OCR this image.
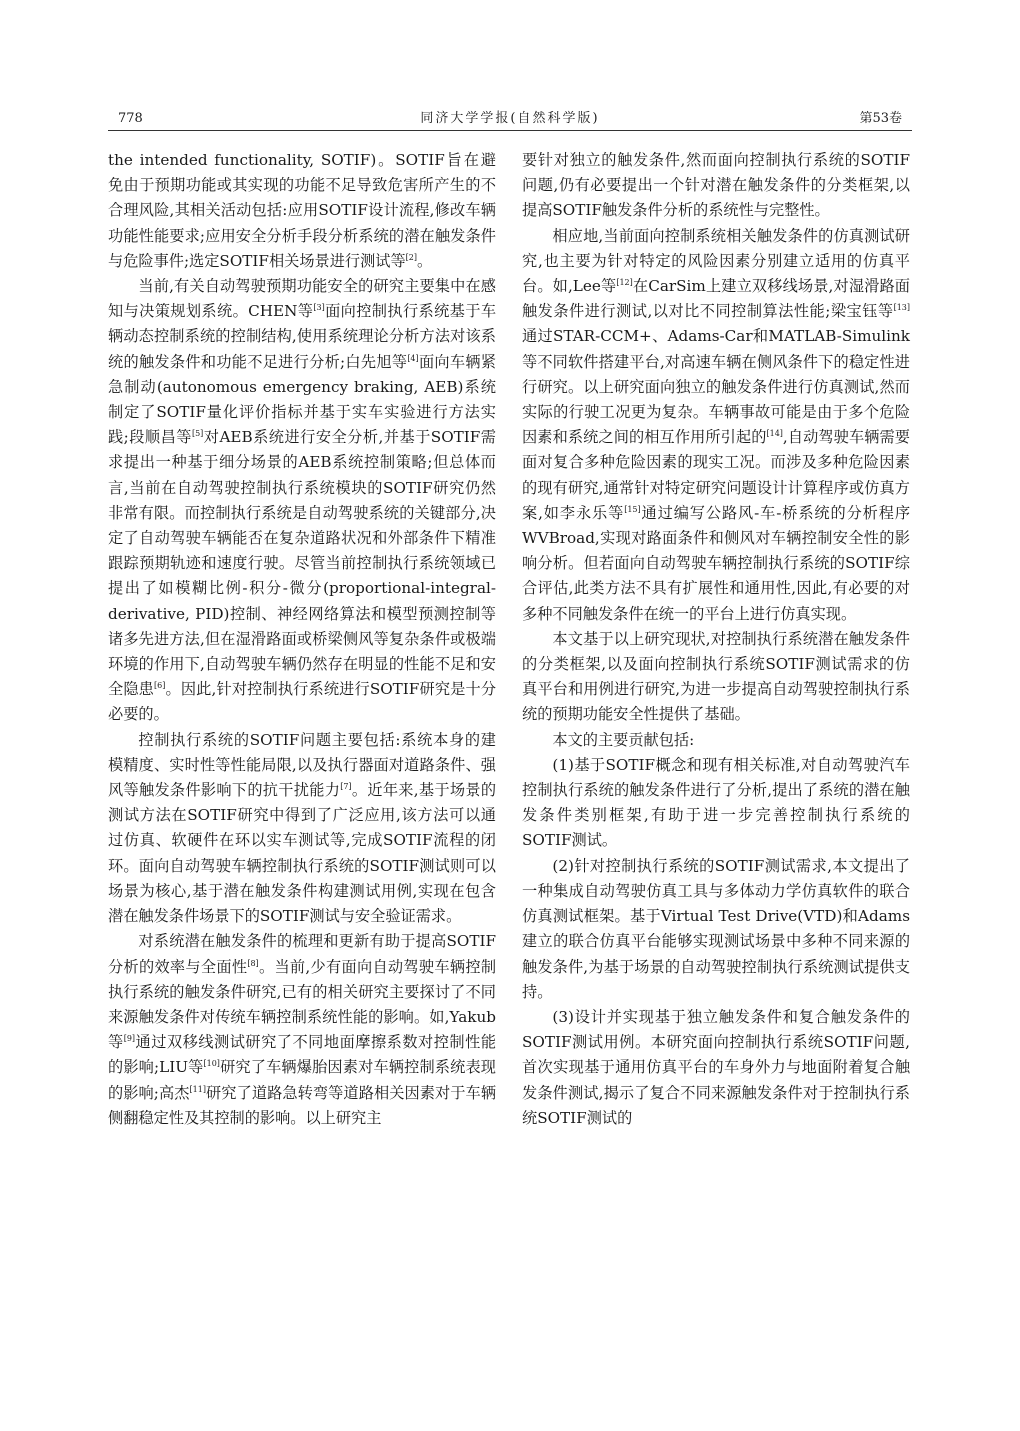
778	同济大学学报(自然科学版)	第53卷

the intended functionality, SOTIF)。SOTIF旨在避免由于预期功能或其实现的功能不足导致危害所产生的不合理风险,其相关活动包括:应用SOTIF设计流程,修改车辆功能性能要求;应用安全分析手段分析系统的潜在触发条件与危险事件;选定SOTIF相关场景进行测试等[2]。

当前,有关自动驾驶预期功能安全的研究主要集中在感知与决策规划系统。CHEN等[3]面向控制执行系统基于车辆动态控制系统的控制结构,使用系统理论分析方法对该系统的触发条件和功能不足进行分析;白先旭等[4]面向车辆紧急制动(autonomous emergency braking, AEB)系统制定了SOTIF量化评价指标并基于实车实验进行方法实践;段顺昌等[5]对AEB系统进行安全分析,并基于SOTIF需求提出一种基于细分场景的AEB系统控制策略;但总体而言,当前在自动驾驶控制执行系统模块的SOTIF研究仍然非常有限。而控制执行系统是自动驾驶系统的关键部分,决定了自动驾驶车辆能否在复杂道路状况和外部条件下精准跟踪预期轨迹和速度行驶。尽管当前控制执行系统领域已提出了如模糊比例-积分-微分(proportional-integral-derivative, PID)控制、神经网络算法和模型预测控制等诸多先进方法,但在湿滑路面或桥梁侧风等复杂条件或极端环境的作用下,自动驾驶车辆仍然存在明显的性能不足和安全隐患[6]。因此,针对控制执行系统进行SOTIF研究是十分必要的。

控制执行系统的SOTIF问题主要包括:系统本身的建模精度、实时性等性能局限,以及执行器面对道路条件、强风等触发条件影响下的抗干扰能力[7]。近年来,基于场景的测试方法在SOTIF研究中得到了广泛应用,该方法可以通过仿真、软硬件在环以实车测试等,完成SOTIF流程的闭环。面向自动驾驶车辆控制执行系统的SOTIF测试则可以场景为核心,基于潜在触发条件构建测试用例,实现在包含潜在触发条件场景下的SOTIF测试与安全验证需求。

对系统潜在触发条件的梳理和更新有助于提高SOTIF分析的效率与全面性[8]。当前,少有面向自动驾驶车辆控制执行系统的触发条件研究,已有的相关研究主要探讨了不同来源触发条件对传统车辆控制系统性能的影响。如,Yakub等[9]通过双移线测试研究了不同地面摩擦系数对控制性能的影响;LIU等[10]研究了车辆爆胎因素对车辆控制系统表现的影响;高杰[11]研究了道路急转弯等道路相关因素对于车辆侧翻稳定性及其控制的影响。以上研究主

要针对独立的触发条件,然而面向控制执行系统的SOTIF问题,仍有必要提出一个针对潜在触发条件的分类框架,以提高SOTIF触发条件分析的系统性与完整性。

相应地,当前面向控制系统相关触发条件的仿真测试研究,也主要为针对特定的风险因素分别建立适用的仿真平台。如,Lee等[12]在CarSim上建立双移线场景,对湿滑路面触发条件进行测试,以对比不同控制算法性能;梁宝钰等[13]通过STAR-CCM+、Adams-Car和MATLAB-Simulink等不同软件搭建平台,对高速车辆在侧风条件下的稳定性进行研究。以上研究面向独立的触发条件进行仿真测试,然而实际的行驶工况更为复杂。车辆事故可能是由于多个危险因素和系统之间的相互作用所引起的[14],自动驾驶车辆需要面对复合多种危险因素的现实工况。而涉及多种危险因素的现有研究,通常针对特定研究问题设计计算程序或仿真方案,如李永乐等[15]通过编写公路风-车-桥系统的分析程序WVBroad,实现对路面条件和侧风对车辆控制安全性的影响分析。但若面向自动驾驶车辆控制执行系统的SOTIF综合评估,此类方法不具有扩展性和通用性,因此,有必要的对多种不同触发条件在统一的平台上进行仿真实现。

本文基于以上研究现状,对控制执行系统潜在触发条件的分类框架,以及面向控制执行系统SOTIF测试需求的仿真平台和用例进行研究,为进一步提高自动驾驶控制执行系统的预期功能安全性提供了基础。

本文的主要贡献包括:

(1)基于SOTIF概念和现有相关标准,对自动驾驶汽车控制执行系统的触发条件进行了分析,提出了系统的潜在触发条件类别框架,有助于进一步完善控制执行系统的SOTIF测试。

(2)针对控制执行系统的SOTIF测试需求,本文提出了一种集成自动驾驶仿真工具与多体动力学仿真软件的联合仿真测试框架。基于Virtual Test Drive(VTD)和Adams建立的联合仿真平台能够实现测试场景中多种不同来源的触发条件,为基于场景的自动驾驶控制执行系统测试提供支持。

(3)设计并实现基于独立触发条件和复合触发条件的SOTIF测试用例。本研究面向控制执行系统SOTIF问题,首次实现基于通用仿真平台的车身外力与地面附着复合触发条件测试,揭示了复合不同来源触发条件对于控制执行系统SOTIF测试的
